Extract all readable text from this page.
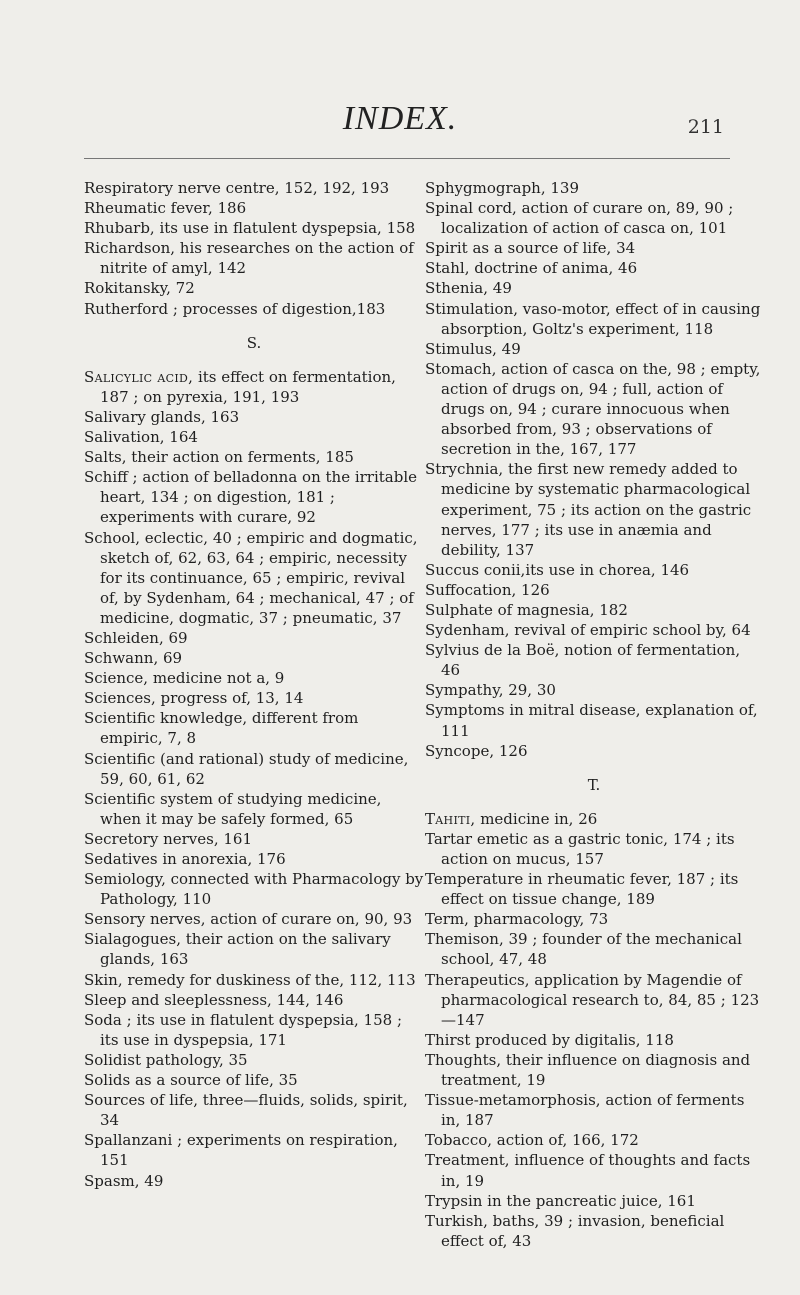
INDEX.	211
Respiratory nerve centre, 152, 192, 193
Rheumatic fever, 186
Rhubarb, its use in flatulent dyspepsia, 158
Richardson, his researches on the action of nitrite of amyl, 142
Rokitansky, 72
Rutherford ; processes of digestion,183
S.
Salicylic acid, its effect on fermentation, 187 ; on pyrexia, 191, 193
Salivary glands, 163
Salivation, 164
Salts, their action on ferments, 185
Schiff ; action of belladonna on the irritable heart, 134 ; on digestion, 181 ; experiments with curare, 92
School, eclectic, 40 ; empiric and dogmatic, sketch of, 62, 63, 64 ; empiric, necessity for its continuance, 65 ; empiric, revival of, by Sydenham, 64 ; mechanical, 47 ; of medicine, dogmatic, 37 ; pneumatic, 37
Schleiden, 69
Schwann, 69
Science, medicine not a, 9
Sciences, progress of, 13, 14
Scientific knowledge, different from empiric, 7, 8
Scientific (and rational) study of medicine, 59, 60, 61, 62
Scientific system of studying medicine, when it may be safely formed, 65
Secretory nerves, 161
Sedatives in anorexia, 176
Semiology, connected with Pharmacology by Pathology, 110
Sensory nerves, action of curare on, 90, 93
Sialagogues, their action on the salivary glands, 163
Skin, remedy for duskiness of the, 112, 113
Sleep and sleeplessness, 144, 146
Soda ; its use in flatulent dyspepsia, 158 ; its use in dyspepsia, 171
Solidist pathology, 35
Solids as a source of life, 35
Sources of life, three—fluids, solids, spirit, 34
Spallanzani ; experiments on respiration, 151
Spasm, 49
Sphygmograph, 139
Spinal cord, action of curare on, 89, 90 ; localization of action of casca on, 101
Spirit as a source of life, 34
Stahl, doctrine of anima, 46
Sthenia, 49
Stimulation, vaso-motor, effect of in causing absorption, Goltz's experiment, 118
Stimulus, 49
Stomach, action of casca on the, 98 ; empty, action of drugs on, 94 ; full, action of drugs on, 94 ; curare innocuous when absorbed from, 93 ; observations of secretion in the, 167, 177
Strychnia, the first new remedy added to medicine by systematic pharmacological experiment, 75 ; its action on the gastric nerves, 177 ; its use in anæmia and debility, 137
Succus conii,its use in chorea, 146
Suffocation, 126
Sulphate of magnesia, 182
Sydenham, revival of empiric school by, 64
Sylvius de la Boë, notion of fermentation, 46
Sympathy, 29, 30
Symptoms in mitral disease, explanation of, 111
Syncope, 126
T.
Tahiti, medicine in, 26
Tartar emetic as a gastric tonic, 174 ; its action on mucus, 157
Temperature in rheumatic fever, 187 ; its effect on tissue change, 189
Term, pharmacology, 73
Themison, 39 ; founder of the mechanical school, 47, 48
Therapeutics, application by Magendie of pharmacological research to, 84, 85 ; 123—147
Thirst produced by digitalis, 118
Thoughts, their influence on diagnosis and treatment, 19
Tissue-metamorphosis, action of ferments in, 187
Tobacco, action of, 166, 172
Treatment, influence of thoughts and facts in, 19
Trypsin in the pancreatic juice, 161
Turkish, baths, 39 ; invasion, beneficial effect of, 43
